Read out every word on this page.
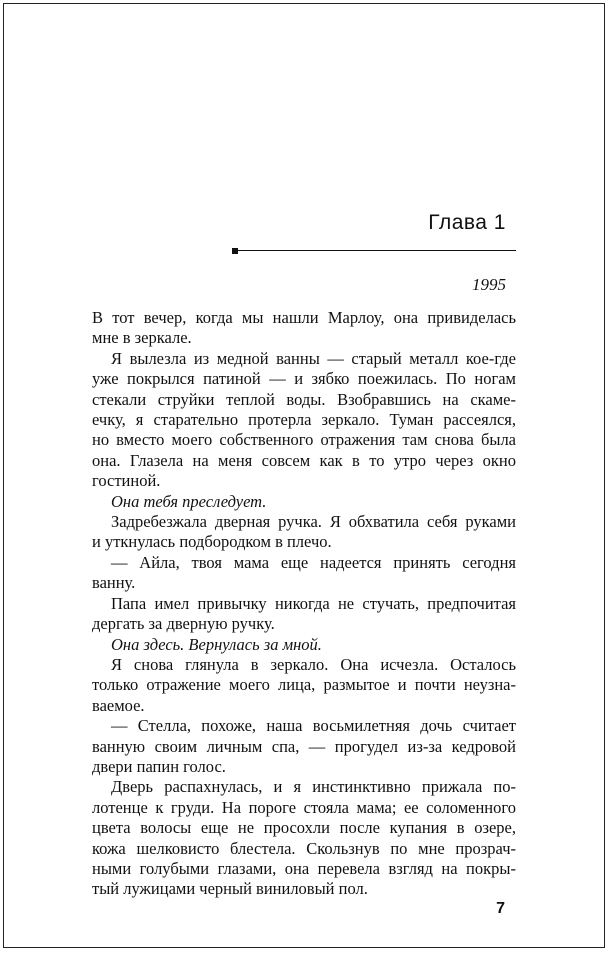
Глава 1
1995
В тот вечер, когда мы нашли Марлоу, она привиделась
мне в зеркале.
Я вылезла из медной ванны — старый металл кое-где
уже покрылся патиной — и зябко поежилась. По ногам
стекали струйки теплой воды. Взобравшись на скаме-
ечку, я старательно протерла зеркало. Туман рассеялся,
но вместо моего собственного отражения там снова была
она. Глазела на меня совсем как в то утро через окно
гостиной.
Она тебя преследует.
Задребезжала дверная ручка. Я обхватила себя руками
и уткнулась подбородком в плечо.
— Айла, твоя мама еще надеется принять сегодня
ванну.
Папа имел привычку никогда не стучать, предпочитая
дергать за дверную ручку.
Она здесь. Вернулась за мной.
Я снова глянула в зеркало. Она исчезла. Осталось
только отражение моего лица, размытое и почти неузна-
ваемое.
— Стелла, похоже, наша восьмилетняя дочь считает
ванную своим личным спа, — прогудел из-за кедровой
двери папин голос.
Дверь распахнулась, и я инстинктивно прижала по-
лотенце к груди. На пороге стояла мама; ее соломенного
цвета волосы еще не просохли после купания в озере,
кожа шелковисто блестела. Скользнув по мне прозрач-
ными голубыми глазами, она перевела взгляд на покры-
тый лужицами черный виниловый пол.
7
